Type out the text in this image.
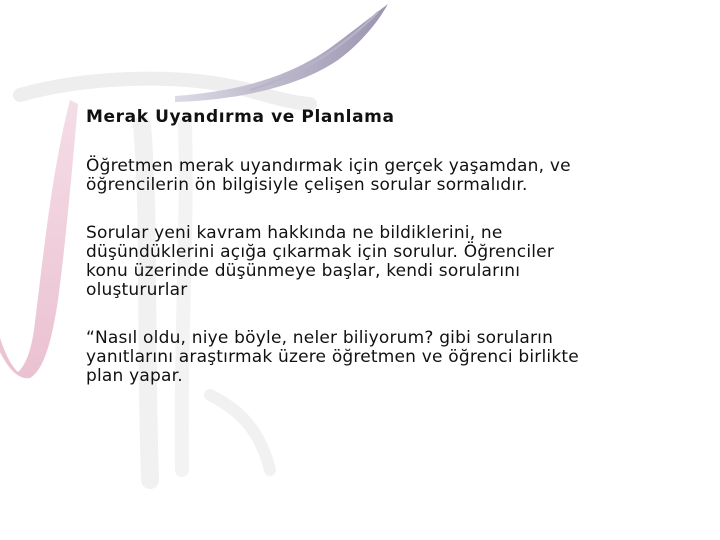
Merak Uyandırma ve Planlama
Öğretmen merak uyandırmak için gerçek yaşamdan, ve
öğrencilerin ön bilgisiyle çelişen sorular sormalıdır.
Sorular yeni kavram hakkında ne bildiklerini, ne
düşündüklerini açığa çıkarmak için sorulur. Öğrenciler
konu üzerinde düşünmeye başlar, kendi sorularını
oluştururlar
“Nasıl oldu, niye böyle, neler biliyorum? gibi soruların
yanıtlarını araştırmak üzere öğretmen ve öğrenci birlikte
plan yapar.
